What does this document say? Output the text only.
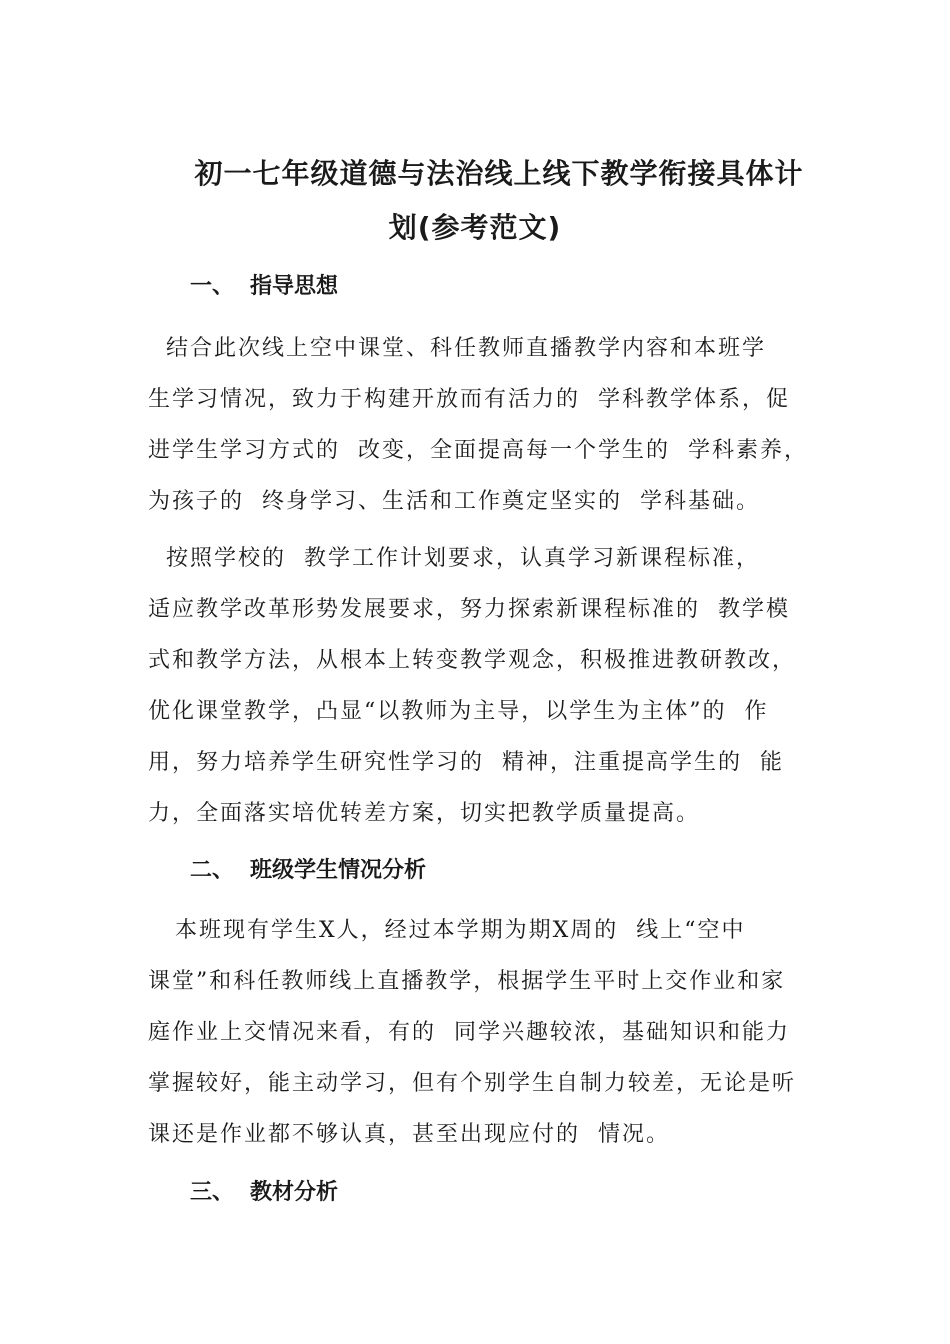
初一七年级道德与法治线上线下教学衔接具体计
划(参考范文)
一、 指导思想
结合此次线上空中课堂、科任教师直播教学内容和本班学
生学习情况，致力于构建开放而有活力的  学科教学体系，促
进学生学习方式的  改变，全面提高每一个学生的  学科素养，
为孩子的  终身学习、生活和工作奠定坚实的  学科基础。
按照学校的  教学工作计划要求，认真学习新课程标准，
适应教学改革形势发展要求，努力探索新课程标准的  教学模
式和教学方法，从根本上转变教学观念，积极推进教研教改，
优化课堂教学，凸显“以教师为主导，以学生为主体”的  作
用，努力培养学生研究性学习的  精神，注重提高学生的  能
力，全面落实培优转差方案，切实把教学质量提高。
二、 班级学生情况分析
本班现有学生X人，经过本学期为期X周的  线上“空中
课堂”和科任教师线上直播教学，根据学生平时上交作业和家
庭作业上交情况来看，有的  同学兴趣较浓，基础知识和能力
掌握较好，能主动学习，但有个别学生自制力较差，无论是听
课还是作业都不够认真，甚至出现应付的  情况。
三、 教材分析
